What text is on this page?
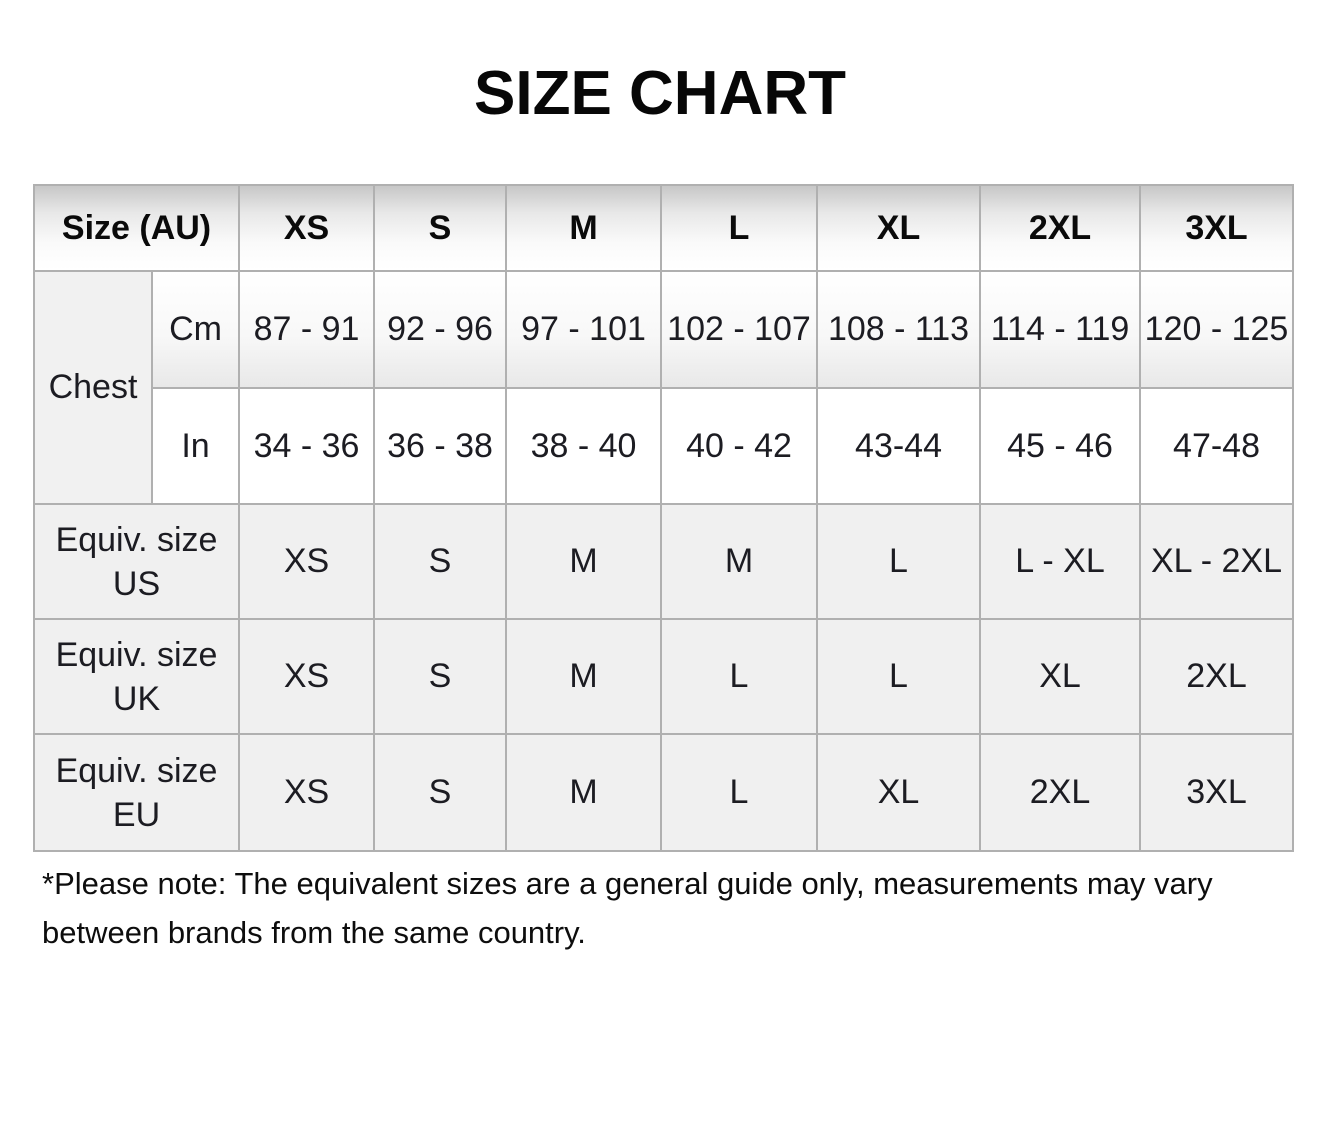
SIZE CHART
Size (AU)		XS	S	M	L	XL	2XL	3XL
Chest	Cm	87 - 91	92 - 96	97 - 101	102 - 107	108 - 113	114 - 119	120 - 125
	In	34 - 36	36 - 38	38 - 40	40 - 42	43-44	45 - 46	47-48
Equiv. size US		XS	S	M	M	L	L - XL	XL - 2XL
Equiv. size UK		XS	S	M	L	L	XL	2XL
Equiv. size EU		XS	S	M	L	XL	2XL	3XL
*Please note: The equivalent sizes are a general guide only, measurements may vary between brands from the same country.
